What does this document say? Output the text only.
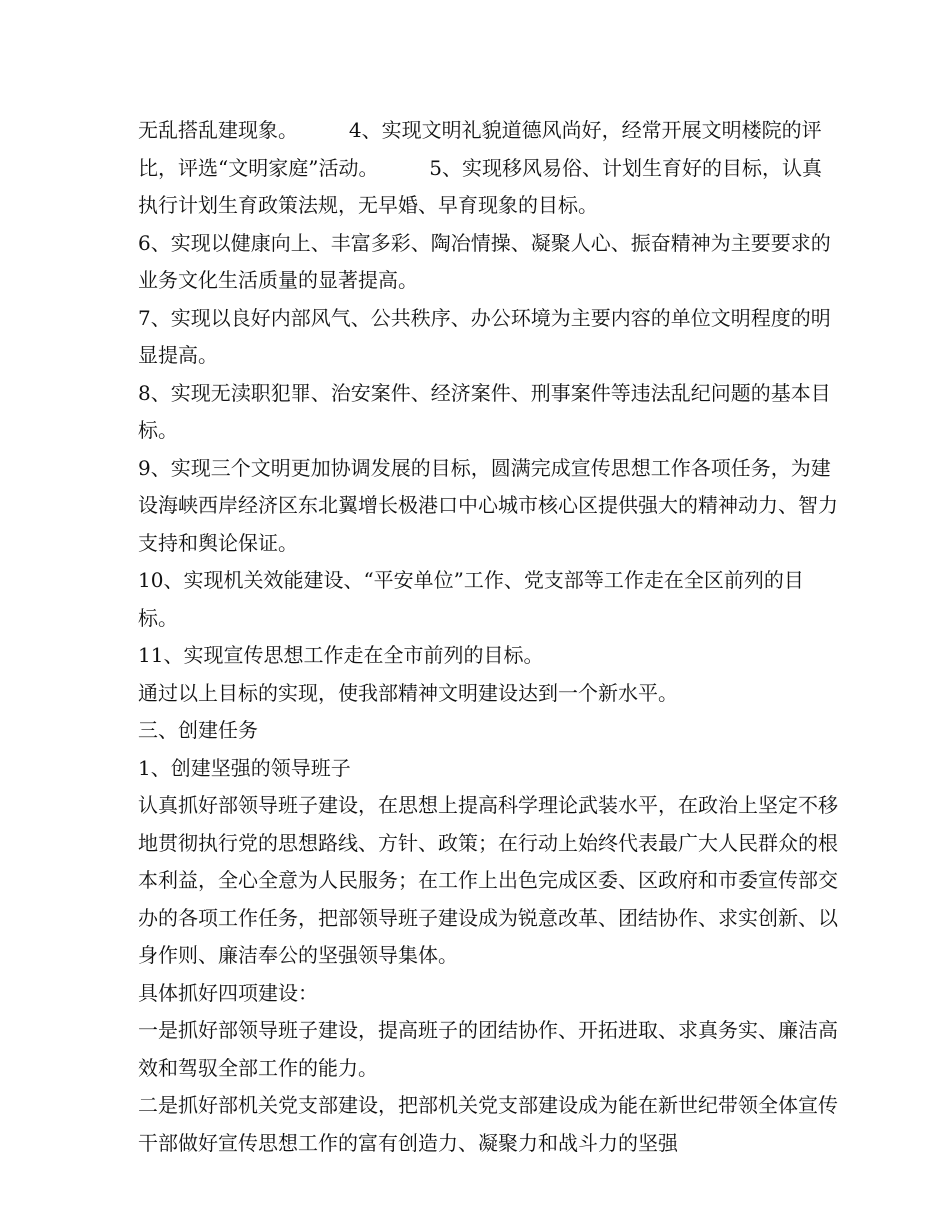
无乱搭乱建现象。        4、实现文明礼貌道德风尚好，经常开展文明楼院的评比，评选“文明家庭”活动。        5、实现移风易俗、计划生育好的目标，认真执行计划生育政策法规，无早婚、早育现象的目标。

6、实现以健康向上、丰富多彩、陶冶情操、凝聚人心、振奋精神为主要要求的业务文化生活质量的显著提高。

7、实现以良好内部风气、公共秩序、办公环境为主要内容的单位文明程度的明显提高。

8、实现无渎职犯罪、治安案件、经济案件、刑事案件等违法乱纪问题的基本目标。

9、实现三个文明更加协调发展的目标，圆满完成宣传思想工作各项任务，为建设海峡西岸经济区东北翼增长极港口中心城市核心区提供强大的精神动力、智力支持和舆论保证。

10、实现机关效能建设、“平安单位”工作、党支部等工作走在全区前列的目标。

11、实现宣传思想工作走在全市前列的目标。

通过以上目标的实现，使我部精神文明建设达到一个新水平。

三、创建任务

1、创建坚强的领导班子

认真抓好部领导班子建设，在思想上提高科学理论武装水平，在政治上坚定不移地贯彻执行党的思想路线、方针、政策；在行动上始终代表最广大人民群众的根本利益，全心全意为人民服务；在工作上出色完成区委、区政府和市委宣传部交办的各项工作任务，把部领导班子建设成为锐意改革、团结协作、求实创新、以身作则、廉洁奉公的坚强领导集体。

具体抓好四项建设：

一是抓好部领导班子建设，提高班子的团结协作、开拓进取、求真务实、廉洁高效和驾驭全部工作的能力。

二是抓好部机关党支部建设，把部机关党支部建设成为能在新世纪带领全体宣传干部做好宣传思想工作的富有创造力、凝聚力和战斗力的坚强
